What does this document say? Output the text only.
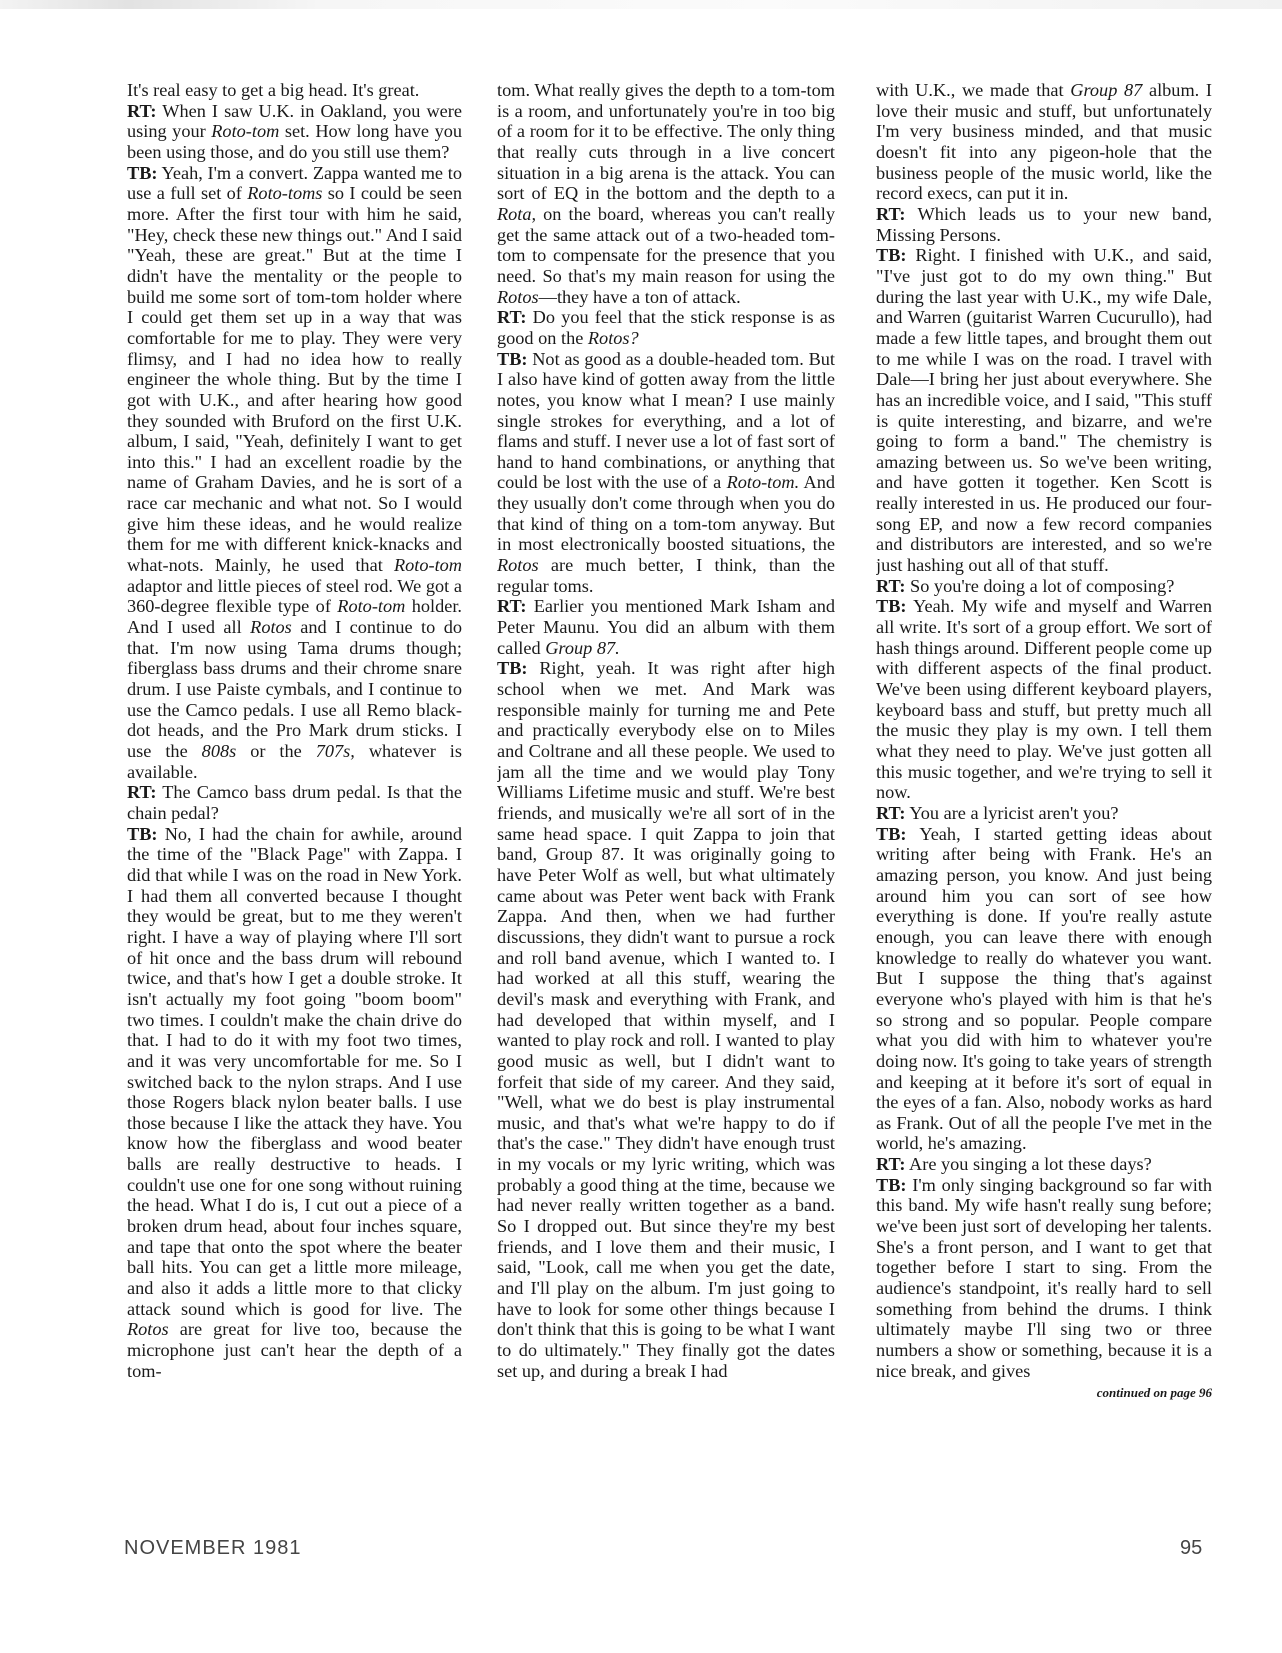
It's real easy to get a big head. It's great.

RT: When I saw U.K. in Oakland, you were using your Roto-tom set. How long have you been using those, and do you still use them?

TB: Yeah, I'm a convert. Zappa wanted me to use a full set of Roto-toms so I could be seen more. After the first tour with him he said, "Hey, check these new things out." And I said "Yeah, these are great." But at the time I didn't have the mentality or the people to build me some sort of tom-tom holder where I could get them set up in a way that was comfortable for me to play. They were very flimsy, and I had no idea how to really engineer the whole thing. But by the time I got with U.K., and after hearing how good they sounded with Bruford on the first U.K. album, I said, "Yeah, definitely I want to get into this." I had an excellent roadie by the name of Graham Davies, and he is sort of a race car mechanic and what not. So I would give him these ideas, and he would realize them for me with different knick-knacks and what-nots. Mainly, he used that Roto-tom adaptor and little pieces of steel rod. We got a 360-degree flexible type of Roto-tom holder. And I used all Rotos and I continue to do that. I'm now using Tama drums though; fiberglass bass drums and their chrome snare drum. I use Paiste cymbals, and I continue to use the Camco pedals. I use all Remo black-dot heads, and the Pro Mark drum sticks. I use the 808s or the 707s, whatever is available.

RT: The Camco bass drum pedal. Is that the chain pedal?

TB: No, I had the chain for awhile, around the time of the "Black Page" with Zappa. I did that while I was on the road in New York. I had them all converted because I thought they would be great, but to me they weren't right. I have a way of playing where I'll sort of hit once and the bass drum will rebound twice, and that's how I get a double stroke. It isn't actually my foot going "boom boom" two times. I couldn't make the chain drive do that. I had to do it with my foot two times, and it was very uncomfortable for me. So I switched back to the nylon straps. And I use those Rogers black nylon beater balls. I use those because I like the attack they have. You know how the fiberglass and wood beater balls are really destructive to heads. I couldn't use one for one song without ruining the head. What I do is, I cut out a piece of a broken drum head, about four inches square, and tape that onto the spot where the beater ball hits. You can get a little more mileage, and also it adds a little more to that clicky attack sound which is good for live. The Rotos are great for live too, because the microphone just can't hear the depth of a tom-

tom. What really gives the depth to a tom-tom is a room, and unfortunately you're in too big of a room for it to be effective. The only thing that really cuts through in a live concert situation in a big arena is the attack. You can sort of EQ in the bottom and the depth to a Rota, on the board, whereas you can't really get the same attack out of a two-headed tom-tom to compensate for the presence that you need. So that's my main reason for using the Rotos—they have a ton of attack.

RT: Do you feel that the stick response is as good on the Rotos?

TB: Not as good as a double-headed tom. But I also have kind of gotten away from the little notes, you know what I mean? I use mainly single strokes for everything, and a lot of flams and stuff. I never use a lot of fast sort of hand to hand combinations, or anything that could be lost with the use of a Roto-tom. And they usually don't come through when you do that kind of thing on a tom-tom anyway. But in most electronically boosted situations, the Rotos are much better, I think, than the regular toms.

RT: Earlier you mentioned Mark Isham and Peter Maunu. You did an album with them called Group 87.

TB: Right, yeah. It was right after high school when we met. And Mark was responsible mainly for turning me and Pete and practically everybody else on to Miles and Coltrane and all these people. We used to jam all the time and we would play Tony Williams Lifetime music and stuff. We're best friends, and musically we're all sort of in the same head space. I quit Zappa to join that band, Group 87. It was originally going to have Peter Wolf as well, but what ultimately came about was Peter went back with Frank Zappa. And then, when we had further discussions, they didn't want to pursue a rock and roll band avenue, which I wanted to. I had worked at all this stuff, wearing the devil's mask and everything with Frank, and had developed that within myself, and I wanted to play rock and roll. I wanted to play good music as well, but I didn't want to forfeit that side of my career. And they said, "Well, what we do best is play instrumental music, and that's what we're happy to do if that's the case." They didn't have enough trust in my vocals or my lyric writing, which was probably a good thing at the time, because we had never really written together as a band. So I dropped out. But since they're my best friends, and I love them and their music, I said, "Look, call me when you get the date, and I'll play on the album. I'm just going to have to look for some other things because I don't think that this is going to be what I want to do ultimately." They finally got the dates set up, and during a break I had

with U.K., we made that Group 87 album. I love their music and stuff, but unfortunately I'm very business minded, and that music doesn't fit into any pigeon-hole that the business people of the music world, like the record execs, can put it in.

RT: Which leads us to your new band, Missing Persons.

TB: Right. I finished with U.K., and said, "I've just got to do my own thing." But during the last year with U.K., my wife Dale, and Warren (guitarist Warren Cucurullo), had made a few little tapes, and brought them out to me while I was on the road. I travel with Dale—I bring her just about everywhere. She has an incredible voice, and I said, "This stuff is quite interesting, and bizarre, and we're going to form a band." The chemistry is amazing between us. So we've been writing, and have gotten it together. Ken Scott is really interested in us. He produced our four-song EP, and now a few record companies and distributors are interested, and so we're just hashing out all of that stuff.

RT: So you're doing a lot of composing?

TB: Yeah. My wife and myself and Warren all write. It's sort of a group effort. We sort of hash things around. Different people come up with different aspects of the final product. We've been using different keyboard players, keyboard bass and stuff, but pretty much all the music they play is my own. I tell them what they need to play. We've just gotten all this music together, and we're trying to sell it now.

RT: You are a lyricist aren't you?

TB: Yeah, I started getting ideas about writing after being with Frank. He's an amazing person, you know. And just being around him you can sort of see how everything is done. If you're really astute enough, you can leave there with enough knowledge to really do whatever you want. But I suppose the thing that's against everyone who's played with him is that he's so strong and so popular. People compare what you did with him to whatever you're doing now. It's going to take years of strength and keeping at it before it's sort of equal in the eyes of a fan. Also, nobody works as hard as Frank. Out of all the people I've met in the world, he's amazing.

RT: Are you singing a lot these days?

TB: I'm only singing background so far with this band. My wife hasn't really sung before; we've been just sort of developing her talents. She's a front person, and I want to get that together before I start to sing. From the audience's standpoint, it's really hard to sell something from behind the drums. I think ultimately maybe I'll sing two or three numbers a show or something, because it is a nice break, and gives

continued on page 96
NOVEMBER 1981	95
